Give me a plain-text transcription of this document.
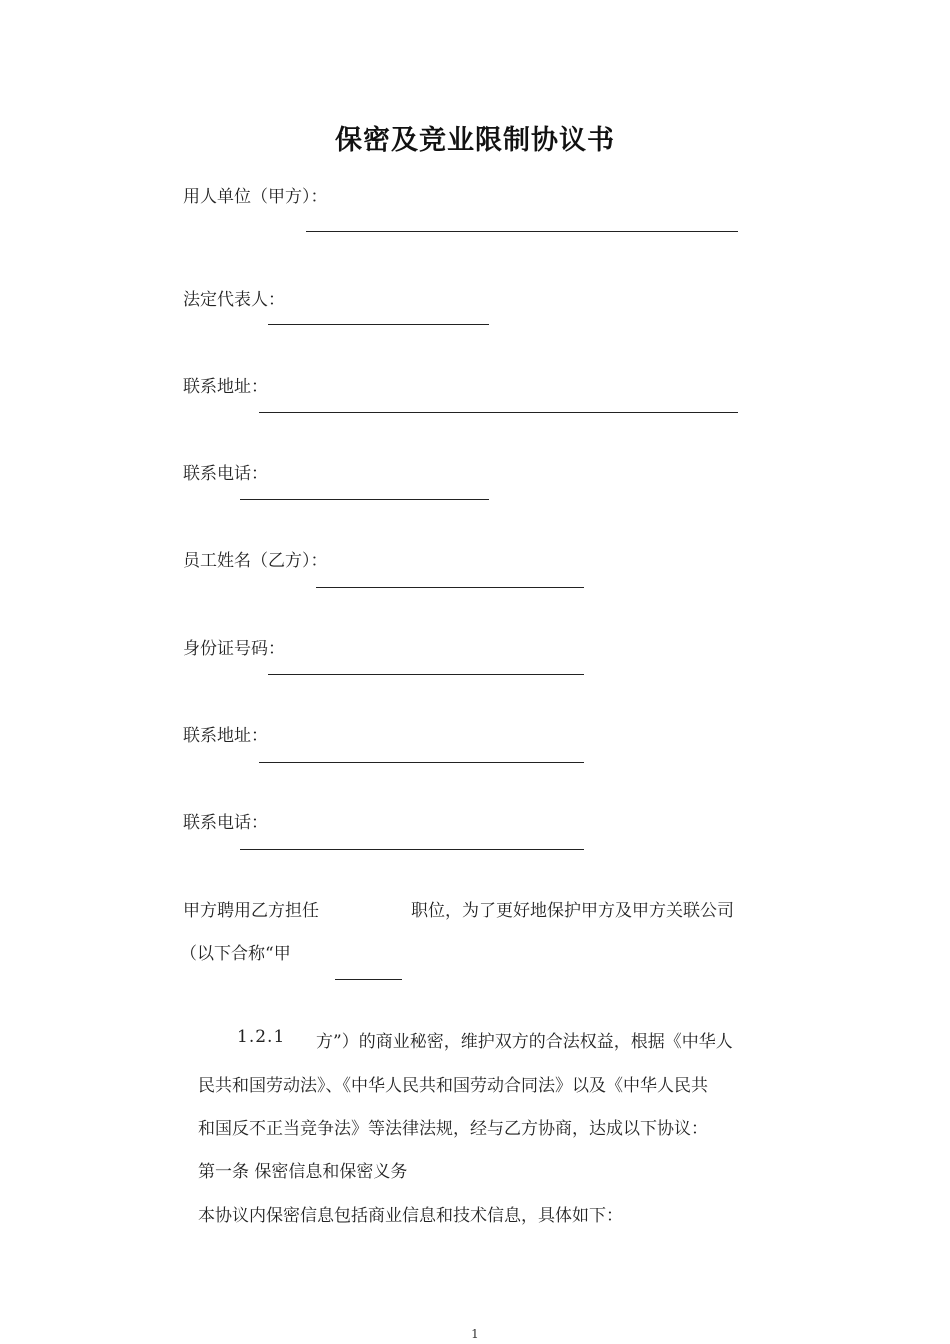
保密及竞业限制协议书
用人单位（甲方）：
法定代表人：
联系地址：
联系电话：
员工姓名（乙方）：
身份证号码：
联系地址：
联系电话：
甲方聘用乙方担任	职位，为了更好地保护甲方及甲方关联公司
（以下合称“甲
1.2.1 方”）的商业秘密，维护双方的合法权益，根据《中华人
民共和国劳动法》、《中华人民共和国劳动合同法》以及《中华人民共
和国反不正当竞争法》等法律法规，经与乙方协商，达成以下协议：
第一条 保密信息和保密义务
本协议内保密信息包括商业信息和技术信息，具体如下：
1
